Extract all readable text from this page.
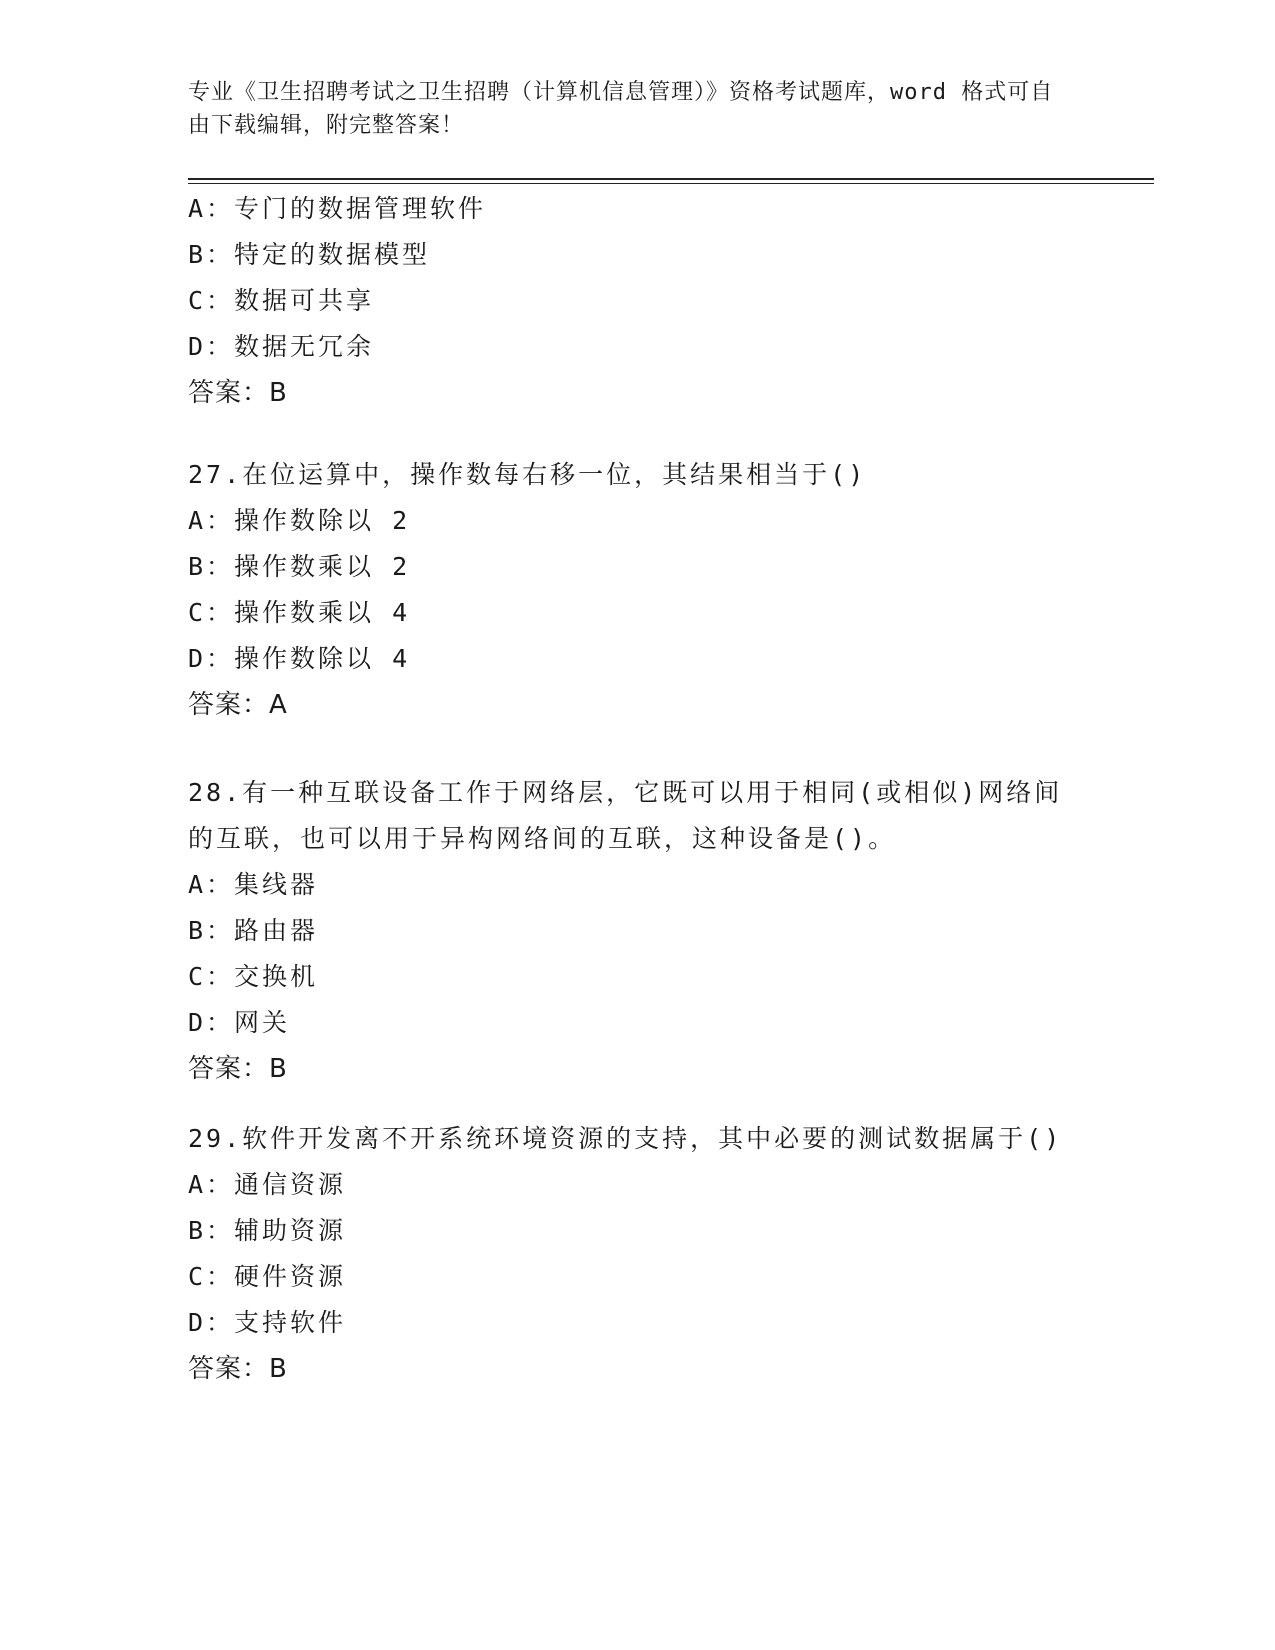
专业《卫生招聘考试之卫生招聘（计算机信息管理）》资格考试题库，word 格式可自由下载编辑，附完整答案！
A：专门的数据管理软件
B：特定的数据模型
C：数据可共享
D：数据无冗余
答案：B
27.在位运算中，操作数每右移一位，其结果相当于()
A：操作数除以 2
B：操作数乘以 2
C：操作数乘以 4
D：操作数除以 4
答案：A
28.有一种互联设备工作于网络层，它既可以用于相同(或相似)网络间
的互联，也可以用于异构网络间的互联，这种设备是()。
A：集线器
B：路由器
C：交换机
D：网关
答案：B
29.软件开发离不开系统环境资源的支持，其中必要的测试数据属于()
A：通信资源
B：辅助资源
C：硬件资源
D：支持软件
答案：B
